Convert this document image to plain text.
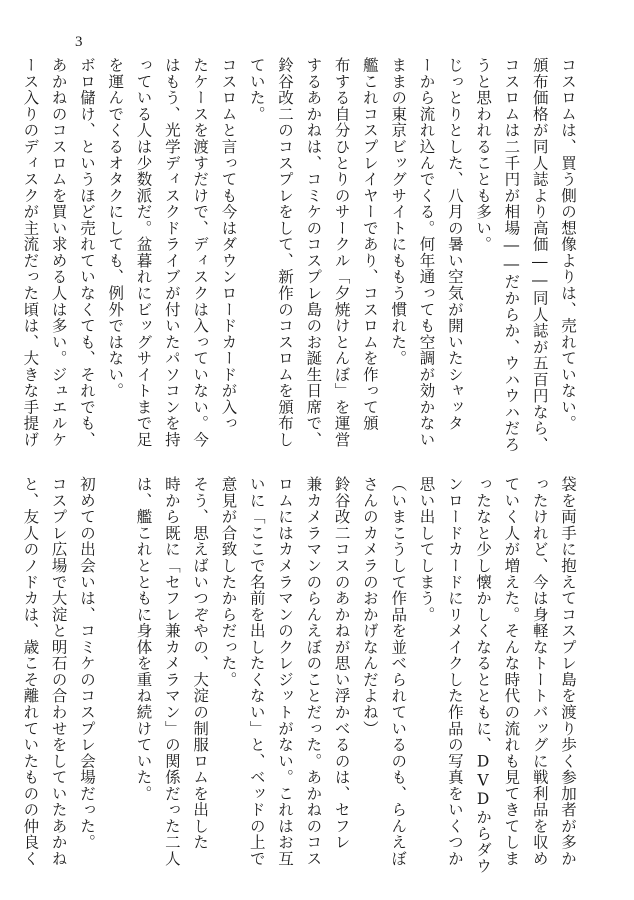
3
コスロムは、買う側の想像よりは、売れていない。
頒布価格が同人誌より高価――同人誌が五百円なら、
コスロムは二千円が相場――だからか、ウハウハだろ
うと思われることも多い。
じっとりとした、八月の暑い空気が開いたシャッタ
ーから流れ込んでくる。何年通っても空調が効かない
ままの東京ビッグサイトにももう慣れた。
艦これコスプレイヤーであり、コスロムを作って頒
布する自分ひとりのサークル「夕焼けとんぼ」を運営
するあかねは、コミケのコスプレ島のお誕生日席で、
鈴谷改二のコスプレをして、新作のコスロムを頒布し
ていた。
コスロムと言っても今はダウンロードカードが入っ
たケースを渡すだけで、ディスクは入っていない。今
はもう、光学ディスクドライブが付いたパソコンを持
っている人は少数派だ。盆暮れにビッグサイトまで足
を運んでくるオタクにしても、例外ではない。
ボロ儲け、というほど売れていなくても、それでも、
あかねのコスロムを買い求める人は多い。ジュエルケ
ース入りのディスクが主流だった頃は、大きな手提げ
袋を両手に抱えてコスプレ島を渡り歩く参加者が多か
ったけれど、今は身軽なトートバッグに戦利品を収め
ていく人が増えた。そんな時代の流れも見てきてしま
ったなと少し懐かしくなるとともに、DVDからダウ
ンロードカードにリメイクした作品の写真をいくつか
思い出してしまう。
（いまこうして作品を並べられているのも、らんえぼ
さんのカメラのおかげなんだよね）
鈴谷改二コスのあかねが思い浮かべるのは、セフレ
兼カメラマンのらんえぼのことだった。あかねのコス
ロムにはカメラマンのクレジットがない。これはお互
いに「ここで名前を出したくない」と、ベッドの上で
意見が合致したからだった。
そう、思えばいつぞやの、大淀の制服ロムを出した
時から既に「セフレ兼カメラマン」の関係だった二人
は、艦これとともに身体を重ね続けていた。
初めての出会いは、コミケのコスプレ会場だった。
コスプレ広場で大淀と明石の合わせをしていたあかね
と、友人のノドカは、歳こそ離れていたものの仲良く
